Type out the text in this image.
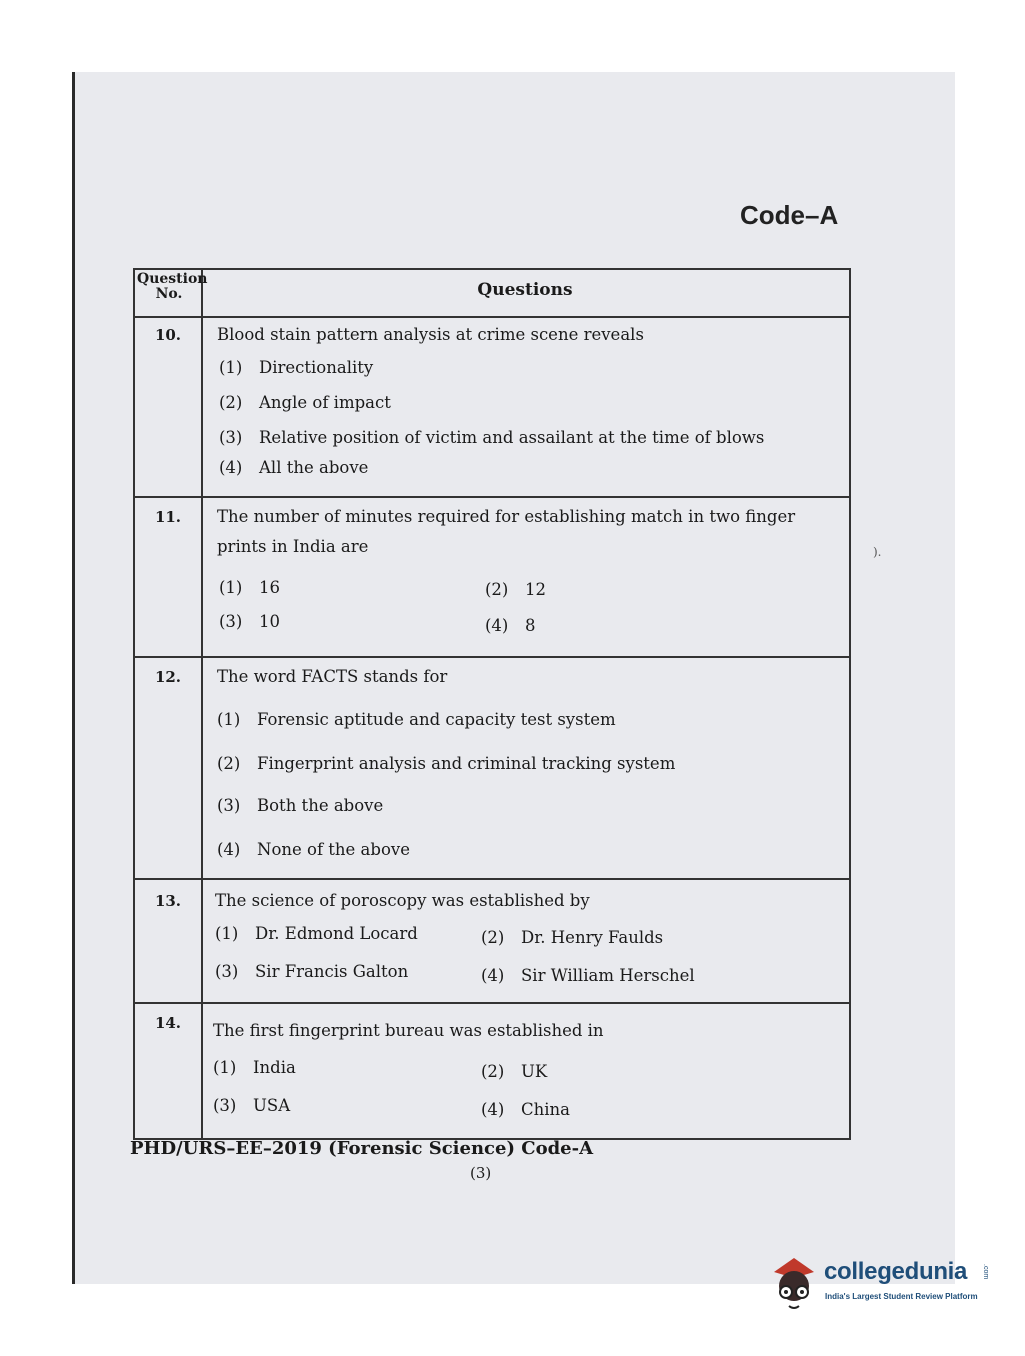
Code–A
Question No.	Questions
10.	Blood stain pattern analysis at crime scene reveals
(1) Directionality
(2) Angle of impact
(3) Relative position of victim and assailant at the time of blows
(4) All the above
11.	The number of minutes required for establishing match in two finger prints in India are
(1) 16	(2) 12
(3) 10	(4) 8
12.	The word FACTS stands for
(1) Forensic aptitude and capacity test system
(2) Fingerprint analysis and criminal tracking system
(3) Both the above
(4) None of the above
13.	The science of poroscopy was established by
(1) Dr. Edmond Locard	(2) Dr. Henry Faulds
(3) Sir Francis Galton	(4) Sir William Herschel
14.	The first fingerprint bureau was established in
(1) India	(2) UK
(3) USA	(4) China
).
PHD/URS–EE–2019 (Forensic Science) Code-A
(3)
collegedunia .com
India's Largest Student Review Platform
